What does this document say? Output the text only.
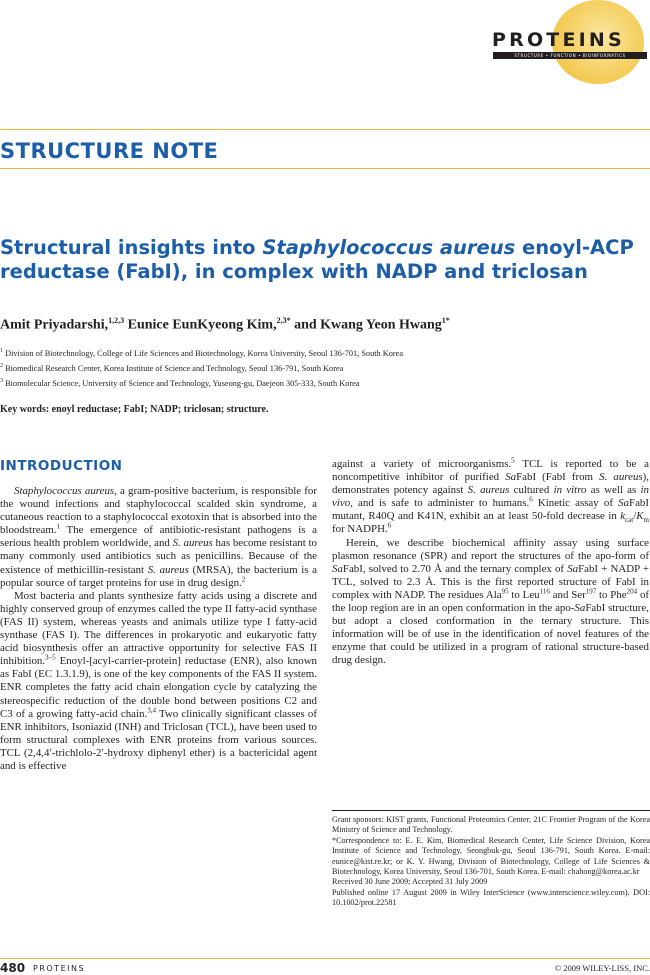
PROTEINS
STRUCTURE • FUNCTION • BIOINFORMATICS
STRUCTURE NOTE
Structural insights into Staphylococcus aureus enoyl-ACP reductase (FabI), in complex with NADP and triclosan
Amit Priyadarshi,$^{1,2,3}$ Eunice EunKyeong Kim,$^{2,3*}$ and Kwang Yeon Hwang$^{1*}$
$^1$ Division of Biotechnology, College of Life Sciences and Biotechnology, Korea University, Seoul 136-701, South Korea
$^2$ Biomedical Research Center, Korea Institute of Science and Technology, Seoul 136-791, South Korea
$^3$ Biomolecular Science, University of Science and Technology, Yuseong-gu, Daejeon 305-333, South Korea
Key words: enoyl reductase; FabI; NADP; triclosan; structure.
INTRODUCTION

Staphylococcus aureus, a gram-positive bacterium, is responsible for the wound infections and staphylococcal scalded skin syndrome, a cutaneous reaction to a staphylococcal exotoxin that is absorbed into the bloodstream.$^1$ The emergence of antibiotic-resistant pathogens is a serious health problem worldwide, and S. aureus has become resistant to many commonly used antibiotics such as penicillins. Because of the existence of methicillin-resistant S. aureus (MRSA), the bacterium is a popular source of target proteins for use in drug design.$^2$

Most bacteria and plants synthesize fatty acids using a discrete and highly conserved group of enzymes called the type II fatty-acid synthase (FAS II) system, whereas yeasts and animals utilize type I fatty-acid synthase (FAS I). The differences in prokaryotic and eukaryotic fatty acid biosynthesis offer an attractive opportunity for selective FAS II inhibition.$^{3-5}$ Enoyl-[acyl-carrier-protein] reductase (ENR), also known as FabI (EC 1.3.1.9), is one of the key components of the FAS II system. ENR completes the fatty acid chain elongation cycle by catalyzing the stereospecific reduction of the double bond between positions C2 and C3 of a growing fatty-acid chain.$^{3,4}$ Two clinically significant classes of ENR inhibitors, Isoniazid (INH) and Triclosan (TCL), have been used to form structural complexes with ENR proteins from various sources. TCL (2,4,4′-trichlolo-2′-hydroxy diphenyl ether) is a bactericidal agent and is effective

against a variety of microorganisms.$^5$ TCL is reported to be a noncompetitive inhibitor of purified SaFabI (FabI from S. aureus), demonstrates potency against S. aureus cultured in vitro as well as in vivo, and is safe to administer to humans.$^6$ Kinetic assay of SaFabI mutant, R40Q and K41N, exhibit an at least 50-fold decrease in $k_{cat}/K_m$ for NADPH.$^6$

Herein, we describe biochemical affinity assay using surface plasmon resonance (SPR) and report the structures of the apo-form of SaFabI, solved to 2.70 Å and the ternary complex of SaFabI + NADP + TCL, solved to 2.3 Å. This is the first reported structure of FabI in complex with NADP. The residues Ala$^{95}$ to Leu$^{116}$ and Ser$^{197}$ to Phe$^{204}$ of the loop region are in an open conformation in the apo-SaFabI structure, but adopt a closed conformation in the ternary structure. This information will be of use in the identification of novel features of the enzyme that could be utilized in a program of rational structure-based drug design.

Grant sponsors: KIST grants, Functional Proteomics Center, 21C Frontier Program of the Korea Ministry of Science and Technology.

*Correspondence to: E. E. Kim, Biomedical Research Center, Life Science Division, Korea Institute of Science and Technology, Seongbuk-gu, Seoul 136-791, South Korea. E-mail: eunice@kist.re.kr; or K. Y. Hwang, Division of Biotechnology, College of Life Sciences & Biotechnology, Korea University, Seoul 136-701, South Korea. E-mail: chahong@korea.ac.kr

Received 30 June 2009; Accepted 31 July 2009

Published online 17 August 2009 in Wiley InterScience (www.interscience.wiley.com). DOI: 10.1002/prot.22581

480 PROTEINS	© 2009 WILEY-LISS, INC.
